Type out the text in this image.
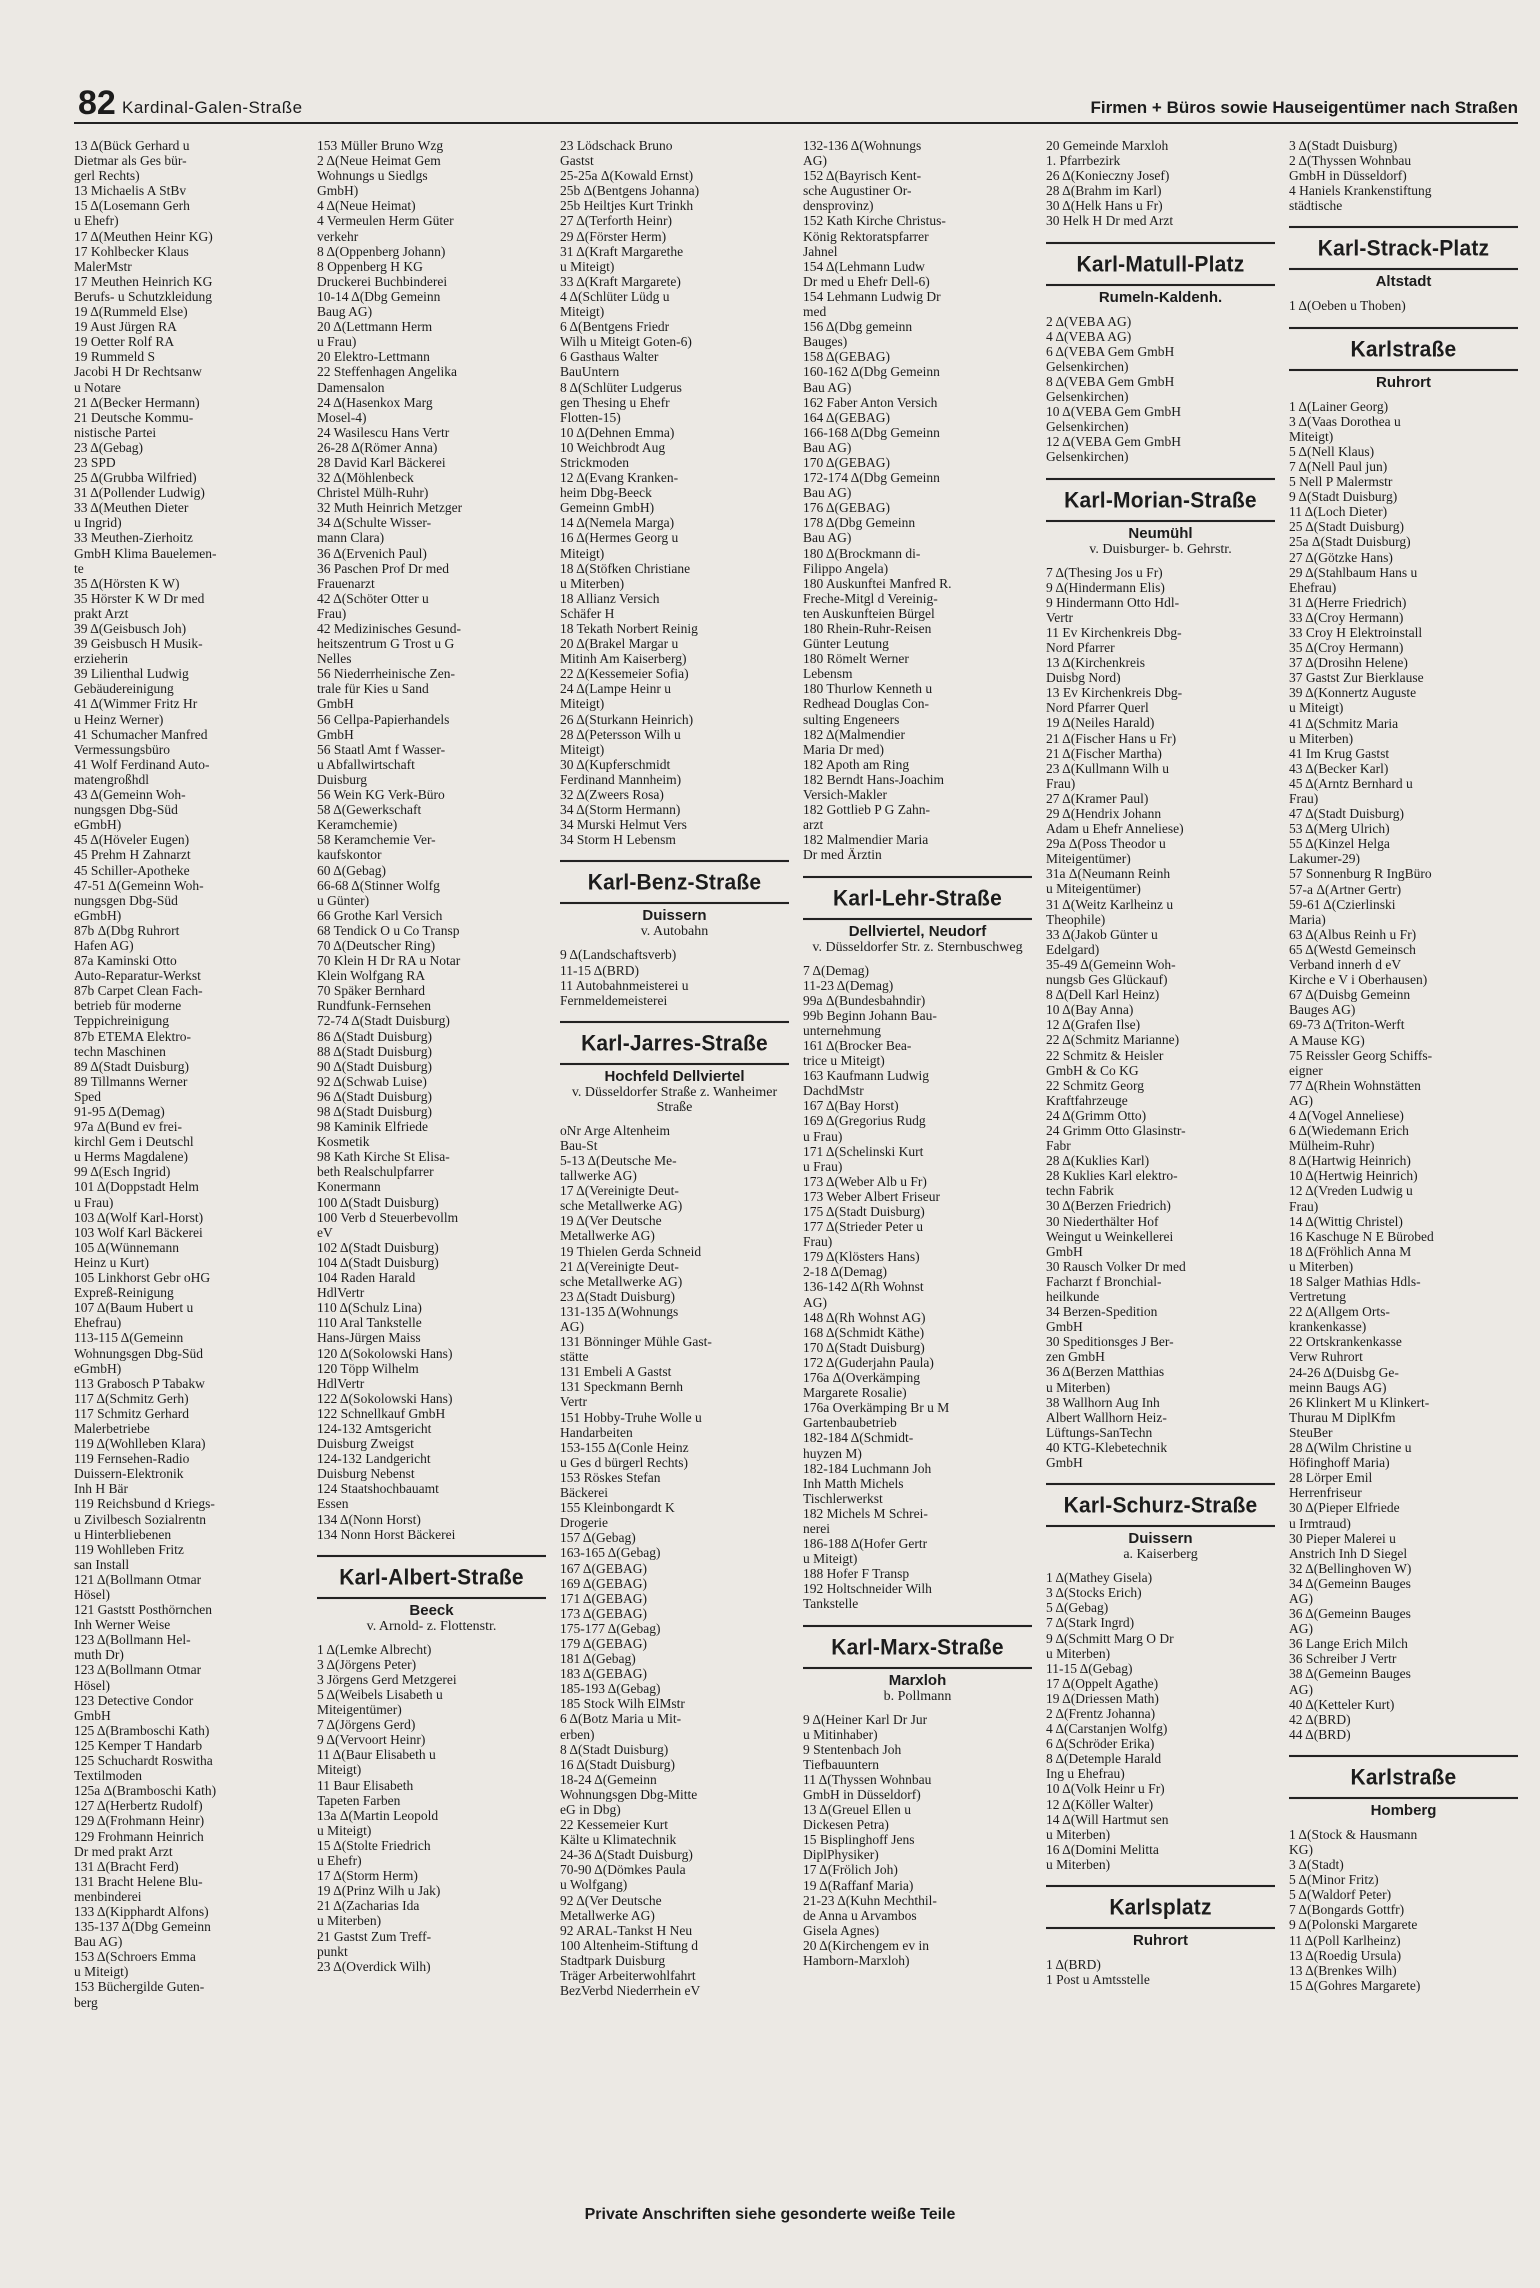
82 Kardinal-Galen-Straße	Firmen + Büros sowie Hauseigentümer nach Straßen
13 Δ(Bück Gerhard u
Dietmar als Ges bür-
gerl Rechts)
13 Michaelis A StBv
15 Δ(Losemann Gerh
u Ehefr)
17 Δ(Meuthen Heinr KG)
17 Kohlbecker Klaus
MalerMstr
17 Meuthen Heinrich KG
Berufs- u Schutzkleidung
19 Δ(Rummeld Else)
19 Aust Jürgen RA
19 Oetter Rolf RA
19 Rummeld S
Jacobi H Dr Rechtsanw
u Notare
21 Δ(Becker Hermann)
21 Deutsche Kommu-
nistische Partei
23 Δ(Gebag)
23 SPD
25 Δ(Grubba Wilfried)
31 Δ(Pollender Ludwig)
33 Δ(Meuthen Dieter
u Ingrid)
33 Meuthen-Zierhoitz
GmbH Klima Bauelemen-
te
35 Δ(Hörsten K W)
35 Hörster K W Dr med
prakt Arzt
39 Δ(Geisbusch Joh)
39 Geisbusch H Musik-
erzieherin
39 Lilienthal Ludwig
Gebäudereinigung
41 Δ(Wimmer Fritz Hr
u Heinz Werner)
41 Schumacher Manfred
Vermessungsbüro
41 Wolf Ferdinand Auto-
matengroßhdl
43 Δ(Gemeinn Woh-
nungsgen Dbg-Süd
eGmbH)
45 Δ(Höveler Eugen)
45 Prehm H Zahnarzt
45 Schiller-Apotheke
47-51 Δ(Gemeinn Woh-
nungsgen Dbg-Süd
eGmbH)
87b Δ(Dbg Ruhrort
Hafen AG)
87a Kaminski Otto
Auto-Reparatur-Werkst
87b Carpet Clean Fach-
betrieb für moderne
Teppichreinigung
87b ETEMA Elektro-
techn Maschinen
89 Δ(Stadt Duisburg)
89 Tillmanns Werner
Sped
91-95 Δ(Demag)
97a Δ(Bund ev frei-
kirchl Gem i Deutschl
u Herms Magdalene)
99 Δ(Esch Ingrid)
101 Δ(Doppstadt Helm
u Frau)
103 Δ(Wolf Karl-Horst)
103 Wolf Karl Bäckerei
105 Δ(Wünnemann
Heinz u Kurt)
105 Linkhorst Gebr oHG
Expreß-Reinigung
107 Δ(Baum Hubert u
Ehefrau)
113-115 Δ(Gemeinn
Wohnungsgen Dbg-Süd
eGmbH)
113 Grabosch P Tabakw
117 Δ(Schmitz Gerh)
117 Schmitz Gerhard
Malerbetriebe
119 Δ(Wohlleben Klara)
119 Fernsehen-Radio
Duissern-Elektronik
Inh H Bär
119 Reichsbund d Kriegs-
u Zivilbesch Sozialrentn
u Hinterbliebenen
119 Wohlleben Fritz
san Install
121 Δ(Bollmann Otmar
Hösel)
121 Gaststt Posthörnchen
Inh Werner Weise
123 Δ(Bollmann Hel-
muth Dr)
123 Δ(Bollmann Otmar
Hösel)
123 Detective Condor
GmbH
125 Δ(Bramboschi Kath)
125 Kemper T Handarb
125 Schuchardt Roswitha
Textilmoden
125a Δ(Bramboschi Kath)
127 Δ(Herbertz Rudolf)
129 Δ(Frohmann Heinr)
129 Frohmann Heinrich
Dr med prakt Arzt
131 Δ(Bracht Ferd)
131 Bracht Helene Blu-
menbinderei
133 Δ(Kipphardt Alfons)
135-137 Δ(Dbg Gemeinn
Bau AG)
153 Δ(Schroers Emma
u Miteigt)
153 Büchergilde Guten-
berg
153 Müller Bruno Wzg
2 Δ(Neue Heimat Gem
Wohnungs u Siedlgs
GmbH)
4 Δ(Neue Heimat)
4 Vermeulen Herm Güter
verkehr
8 Δ(Oppenberg Johann)
8 Oppenberg H KG
Druckerei Buchbinderei
10-14 Δ(Dbg Gemeinn
Baug AG)
20 Δ(Lettmann Herm
u Frau)
20 Elektro-Lettmann
22 Steffenhagen Angelika
Damensalon
24 Δ(Hasenkox Marg
Mosel-4)
24 Wasilescu Hans Vertr
26-28 Δ(Römer Anna)
28 David Karl Bäckerei
32 Δ(Möhlenbeck
Christel Mülh-Ruhr)
32 Muth Heinrich Metzger
34 Δ(Schulte Wisser-
mann Clara)
36 Δ(Ervenich Paul)
36 Paschen Prof Dr med
Frauenarzt
42 Δ(Schöter Otter u
Frau)
42 Medizinisches Gesund-
heitszentrum G Trost u G
Nelles
56 Niederrheinische Zen-
trale für Kies u Sand
GmbH
56 Cellpa-Papierhandels
GmbH
56 Staatl Amt f Wasser-
u Abfallwirtschaft
Duisburg
56 Wein KG Verk-Büro
58 Δ(Gewerkschaft
Keramchemie)
58 Keramchemie Ver-
kaufskontor
60 Δ(Gebag)
66-68 Δ(Stinner Wolfg
u Günter)
66 Grothe Karl Versich
68 Tendick O u Co Transp
70 Δ(Deutscher Ring)
70 Klein H Dr RA u Notar
Klein Wolfgang RA
70 Späker Bernhard
Rundfunk-Fernsehen
72-74 Δ(Stadt Duisburg)
86 Δ(Stadt Duisburg)
88 Δ(Stadt Duisburg)
90 Δ(Stadt Duisburg)
92 Δ(Schwab Luise)
96 Δ(Stadt Duisburg)
98 Δ(Stadt Duisburg)
98 Kaminik Elfriede
Kosmetik
98 Kath Kirche St Elisa-
beth Realschulpfarrer
Konermann
100 Δ(Stadt Duisburg)
100 Verb d Steuerbevollm
eV
102 Δ(Stadt Duisburg)
104 Δ(Stadt Duisburg)
104 Raden Harald
HdlVertr
110 Δ(Schulz Lina)
110 Aral Tankstelle
Hans-Jürgen Maiss
120 Δ(Sokolowski Hans)
120 Töpp Wilhelm
HdlVertr
122 Δ(Sokolowski Hans)
122 Schnellkauf GmbH
124-132 Amtsgericht
Duisburg Zweigst
124-132 Landgericht
Duisburg Nebenst
124 Staatshochbauamt
Essen
134 Δ(Nonn Horst)
134 Nonn Horst Bäckerei
Karl-Albert-Straße
Beeck
v. Arnold- z. Flottenstr.
1 Δ(Lemke Albrecht)
3 Δ(Jörgens Peter)
3 Jörgens Gerd Metzgerei
5 Δ(Weibels Lisabeth u
Miteigentümer)
7 Δ(Jörgens Gerd)
9 Δ(Vervoort Heinr)
11 Δ(Baur Elisabeth u
Miteigt)
11 Baur Elisabeth
Tapeten Farben
13a Δ(Martin Leopold
u Miteigt)
15 Δ(Stolte Friedrich
u Ehefr)
17 Δ(Storm Herm)
19 Δ(Prinz Wilh u Jak)
21 Δ(Zacharias Ida
u Miterben)
21 Gastst Zum Treff-
punkt
23 Δ(Overdick Wilh)
23 Lödschack Bruno
Gastst
25-25a Δ(Kowald Ernst)
25b Δ(Bentgens Johanna)
25b Heiltjes Kurt Trinkh
27 Δ(Terforth Heinr)
29 Δ(Förster Herm)
31 Δ(Kraft Margarethe
u Miteigt)
33 Δ(Kraft Margarete)
4 Δ(Schlüter Lüdg u
Miteigt)
6 Δ(Bentgens Friedr
Wilh u Miteigt Goten-6)
6 Gasthaus Walter
BauUntern
8 Δ(Schlüter Ludgerus
gen Thesing u Ehefr
Flotten-15)
10 Δ(Dehnen Emma)
10 Weichbrodt Aug
Strickmoden
12 Δ(Evang Kranken-
heim Dbg-Beeck
Gemeinn GmbH)
14 Δ(Nemela Marga)
16 Δ(Hermes Georg u
Miteigt)
18 Δ(Stöfken Christiane
u Miterben)
18 Allianz Versich
Schäfer H
18 Tekath Norbert Reinig
20 Δ(Brakel Margar u
Mitinh Am Kaiserberg)
22 Δ(Kessemeier Sofia)
24 Δ(Lampe Heinr u
Miteigt)
26 Δ(Sturkann Heinrich)
28 Δ(Petersson Wilh u
Miteigt)
30 Δ(Kupferschmidt
Ferdinand Mannheim)
32 Δ(Zweers Rosa)
34 Δ(Storm Hermann)
34 Murski Helmut Vers
34 Storm H Lebensm
Karl-Benz-Straße
Duissern
v. Autobahn
9 Δ(Landschaftsverb)
11-15 Δ(BRD)
11 Autobahnmeisterei u
Fernmeldemeisterei
Karl-Jarres-Straße
Hochfeld Dellviertel
v. Düsseldorfer Straße z. Wanheimer Straße
oNr Arge Altenheim
Bau-St
5-13 Δ(Deutsche Me-
tallwerke AG)
17 Δ(Vereinigte Deut-
sche Metallwerke AG)
19 Δ(Ver Deutsche
Metallwerke AG)
19 Thielen Gerda Schneid
21 Δ(Vereinigte Deut-
sche Metallwerke AG)
23 Δ(Stadt Duisburg)
131-135 Δ(Wohnungs
AG)
131 Bönninger Mühle Gast-
stätte
131 Embeli A Gastst
131 Speckmann Bernh
Vertr
151 Hobby-Truhe Wolle u
Handarbeiten
153-155 Δ(Conle Heinz
u Ges d bürgerl Rechts)
153 Röskes Stefan
Bäckerei
155 Kleinbongardt K
Drogerie
157 Δ(Gebag)
163-165 Δ(Gebag)
167 Δ(GEBAG)
169 Δ(GEBAG)
171 Δ(GEBAG)
173 Δ(GEBAG)
175-177 Δ(Gebag)
179 Δ(GEBAG)
181 Δ(Gebag)
183 Δ(GEBAG)
185-193 Δ(Gebag)
185 Stock Wilh ElMstr
6 Δ(Botz Maria u Mit-
erben)
8 Δ(Stadt Duisburg)
16 Δ(Stadt Duisburg)
18-24 Δ(Gemeinn
Wohnungsgen Dbg-Mitte
eG in Dbg)
22 Kessemeier Kurt
Kälte u Klimatechnik
24-36 Δ(Stadt Duisburg)
70-90 Δ(Dömkes Paula
u Wolfgang)
92 Δ(Ver Deutsche
Metallwerke AG)
92 ARAL-Tankst H Neu
100 Altenheim-Stiftung d
Stadtpark Duisburg
Träger Arbeiterwohlfahrt
BezVerbd Niederrhein eV
132-136 Δ(Wohnungs
AG)
152 Δ(Bayrisch Kent-
sche Augustiner Or-
densprovinz)
152 Kath Kirche Christus-
König Rektoratspfarrer
Jahnel
154 Δ(Lehmann Ludw
Dr med u Ehefr Dell-6)
154 Lehmann Ludwig Dr
med
156 Δ(Dbg gemeinn
Bauges)
158 Δ(GEBAG)
160-162 Δ(Dbg Gemeinn
Bau AG)
162 Faber Anton Versich
164 Δ(GEBAG)
166-168 Δ(Dbg Gemeinn
Bau AG)
170 Δ(GEBAG)
172-174 Δ(Dbg Gemeinn
Bau AG)
176 Δ(GEBAG)
178 Δ(Dbg Gemeinn
Bau AG)
180 Δ(Brockmann di-
Filippo Angela)
180 Auskunftei Manfred R.
Freche-Mitgl d Vereinig-
ten Auskunfteien Bürgel
180 Rhein-Ruhr-Reisen
Günter Leutung
180 Römelt Werner
Lebensm
180 Thurlow Kenneth u
Redhead Douglas Con-
sulting Engeneers
182 Δ(Malmendier
Maria Dr med)
182 Apoth am Ring
182 Berndt Hans-Joachim
Versich-Makler
182 Gottlieb P G Zahn-
arzt
182 Malmendier Maria
Dr med Ärztin
Karl-Lehr-Straße
Dellviertel, Neudorf
v. Düsseldorfer Str. z. Sternbuschweg
7 Δ(Demag)
11-23 Δ(Demag)
99a Δ(Bundesbahndir)
99b Beginn Johann Bau-
unternehmung
161 Δ(Brocker Bea-
trice u Miteigt)
163 Kaufmann Ludwig
DachdMstr
167 Δ(Bay Horst)
169 Δ(Gregorius Rudg
u Frau)
171 Δ(Schelinski Kurt
u Frau)
173 Δ(Weber Alb u Fr)
173 Weber Albert Friseur
175 Δ(Stadt Duisburg)
177 Δ(Strieder Peter u
Frau)
179 Δ(Klösters Hans)
2-18 Δ(Demag)
136-142 Δ(Rh Wohnst
AG)
148 Δ(Rh Wohnst AG)
168 Δ(Schmidt Käthe)
170 Δ(Stadt Duisburg)
172 Δ(Guderjahn Paula)
176a Δ(Overkämping
Margarete Rosalie)
176a Overkämping Br u M
Gartenbaubetrieb
182-184 Δ(Schmidt-
huyzen M)
182-184 Luchmann Joh
Inh Matth Michels
Tischlerwerkst
182 Michels M Schrei-
nerei
186-188 Δ(Hofer Gertr
u Miteigt)
188 Hofer F Transp
192 Holtschneider Wilh
Tankstelle
Karl-Marx-Straße
Marxloh
b. Pollmann
9 Δ(Heiner Karl Dr Jur
u Mitinhaber)
9 Stentenbach Joh
Tiefbauuntern
11 Δ(Thyssen Wohnbau
GmbH in Düsseldorf)
13 Δ(Greuel Ellen u
Dickesen Petra)
15 Bisplinghoff Jens
DiplPhysiker)
17 Δ(Frölich Joh)
19 Δ(Raffanf Maria)
21-23 Δ(Kuhn Mechthil-
de Anna u Arvambos
Gisela Agnes)
20 Δ(Kirchengem ev in
Hamborn-Marxloh)
20 Gemeinde Marxloh
1. Pfarrbezirk
26 Δ(Konieczny Josef)
28 Δ(Brahm im Karl)
30 Δ(Helk Hans u Fr)
30 Helk H Dr med Arzt
Karl-Matull-Platz
Rumeln-Kaldenh.
2 Δ(VEBA AG)
4 Δ(VEBA AG)
6 Δ(VEBA Gem GmbH
Gelsenkirchen)
8 Δ(VEBA Gem GmbH
Gelsenkirchen)
10 Δ(VEBA Gem GmbH
Gelsenkirchen)
12 Δ(VEBA Gem GmbH
Gelsenkirchen)
Karl-Morian-Straße
Neumühl
v. Duisburger- b. Gehrstr.
7 Δ(Thesing Jos u Fr)
9 Δ(Hindermann Elis)
9 Hindermann Otto Hdl-
Vertr
11 Ev Kirchenkreis Dbg-
Nord Pfarrer
13 Δ(Kirchenkreis
Duisbg Nord)
13 Ev Kirchenkreis Dbg-
Nord Pfarrer Querl
19 Δ(Neiles Harald)
21 Δ(Fischer Hans u Fr)
21 Δ(Fischer Martha)
23 Δ(Kullmann Wilh u
Frau)
27 Δ(Kramer Paul)
29 Δ(Hendrix Johann
Adam u Ehefr Anneliese)
29a Δ(Poss Theodor u
Miteigentümer)
31a Δ(Neumann Reinh
u Miteigentümer)
31 Δ(Weitz Karlheinz u
Theophile)
33 Δ(Jakob Günter u
Edelgard)
35-49 Δ(Gemeinn Woh-
nungsb Ges Glückauf)
8 Δ(Dell Karl Heinz)
10 Δ(Bay Anna)
12 Δ(Grafen Ilse)
22 Δ(Schmitz Marianne)
22 Schmitz & Heisler
GmbH & Co KG
22 Schmitz Georg
Kraftfahrzeuge
24 Δ(Grimm Otto)
24 Grimm Otto Glasinstr-
Fabr
28 Δ(Kuklies Karl)
28 Kuklies Karl elektro-
techn Fabrik
30 Δ(Berzen Friedrich)
30 Niederthälter Hof
Weingut u Weinkellerei
GmbH
30 Rausch Volker Dr med
Facharzt f Bronchial-
heilkunde
34 Berzen-Spedition
GmbH
30 Speditionsges J Ber-
zen GmbH
36 Δ(Berzen Matthias
u Miterben)
38 Wallhorn Aug Inh
Albert Wallhorn Heiz-
Lüftungs-SanTechn
40 KTG-Klebetechnik
GmbH
Karl-Schurz-Straße
Duissern
a. Kaiserberg
1 Δ(Mathey Gisela)
3 Δ(Stocks Erich)
5 Δ(Gebag)
7 Δ(Stark Ingrd)
9 Δ(Schmitt Marg O Dr
u Miterben)
11-15 Δ(Gebag)
17 Δ(Oppelt Agathe)
19 Δ(Driessen Math)
2 Δ(Frentz Johanna)
4 Δ(Carstanjen Wolfg)
6 Δ(Schröder Erika)
8 Δ(Detemple Harald
Ing u Ehefrau)
10 Δ(Volk Heinr u Fr)
12 Δ(Köller Walter)
14 Δ(Will Hartmut sen
u Miterben)
16 Δ(Domini Melitta
u Miterben)
Karlsplatz
Ruhrort
1 Δ(BRD)
1 Post u Amtsstelle
3 Δ(Stadt Duisburg)
2 Δ(Thyssen Wohnbau
GmbH in Düsseldorf)
4 Haniels Krankenstiftung
städtische
Karl-Strack-Platz
Altstadt
1 Δ(Oeben u Thoben)
Karlstraße
Ruhrort
1 Δ(Lainer Georg)
3 Δ(Vaas Dorothea u
Miteigt)
5 Δ(Nell Klaus)
7 Δ(Nell Paul jun)
5 Nell P Malermstr
9 Δ(Stadt Duisburg)
11 Δ(Loch Dieter)
25 Δ(Stadt Duisburg)
25a Δ(Stadt Duisburg)
27 Δ(Götzke Hans)
29 Δ(Stahlbaum Hans u
Ehefrau)
31 Δ(Herre Friedrich)
33 Δ(Croy Hermann)
33 Croy H Elektroinstall
35 Δ(Croy Hermann)
37 Δ(Drosihn Helene)
37 Gastst Zur Bierklause
39 Δ(Konnertz Auguste
u Miteigt)
41 Δ(Schmitz Maria
u Miterben)
41 Im Krug Gastst
43 Δ(Becker Karl)
45 Δ(Arntz Bernhard u
Frau)
47 Δ(Stadt Duisburg)
53 Δ(Merg Ulrich)
55 Δ(Kinzel Helga
Lakumer-29)
57 Sonnenburg R IngBüro
57-a Δ(Artner Gertr)
59-61 Δ(Czierlinski
Maria)
63 Δ(Albus Reinh u Fr)
65 Δ(Westd Gemeinsch
Verband innerh d eV
Kirche e V i Oberhausen)
67 Δ(Duisbg Gemeinn
Bauges AG)
69-73 Δ(Triton-Werft
A Mause KG)
75 Reissler Georg Schiffs-
eigner
77 Δ(Rhein Wohnstätten
AG)
4 Δ(Vogel Anneliese)
6 Δ(Wiedemann Erich
Mülheim-Ruhr)
8 Δ(Hartwig Heinrich)
10 Δ(Hertwig Heinrich)
12 Δ(Vreden Ludwig u
Frau)
14 Δ(Wittig Christel)
16 Kaschuge N E Bürobed
18 Δ(Fröhlich Anna M
u Miterben)
18 Salger Mathias Hdls-
Vertretung
22 Δ(Allgem Orts-
krankenkasse)
22 Ortskrankenkasse
Verw Ruhrort
24-26 Δ(Duisbg Ge-
meinn Baugs AG)
26 Klinkert M u Klinkert-
Thurau M DiplKfm
SteuBer
28 Δ(Wilm Christine u
Höfinghoff Maria)
28 Lörper Emil
Herrenfriseur
30 Δ(Pieper Elfriede
u Irmtraud)
30 Pieper Malerei u
Anstrich Inh D Siegel
32 Δ(Bellinghoven W)
34 Δ(Gemeinn Bauges
AG)
36 Δ(Gemeinn Bauges
AG)
36 Lange Erich Milch
36 Schreiber J Vertr
38 Δ(Gemeinn Bauges
AG)
40 Δ(Ketteler Kurt)
42 Δ(BRD)
44 Δ(BRD)
Karlstraße
Homberg
1 Δ(Stock & Hausmann
KG)
3 Δ(Stadt)
5 Δ(Minor Fritz)
5 Δ(Waldorf Peter)
7 Δ(Bongards Gottfr)
9 Δ(Polonski Margarete
11 Δ(Poll Karlheinz)
13 Δ(Roedig Ursula)
13 Δ(Brenkes Wilh)
15 Δ(Gohres Margarete)
Private Anschriften siehe gesonderte weiße Teile
